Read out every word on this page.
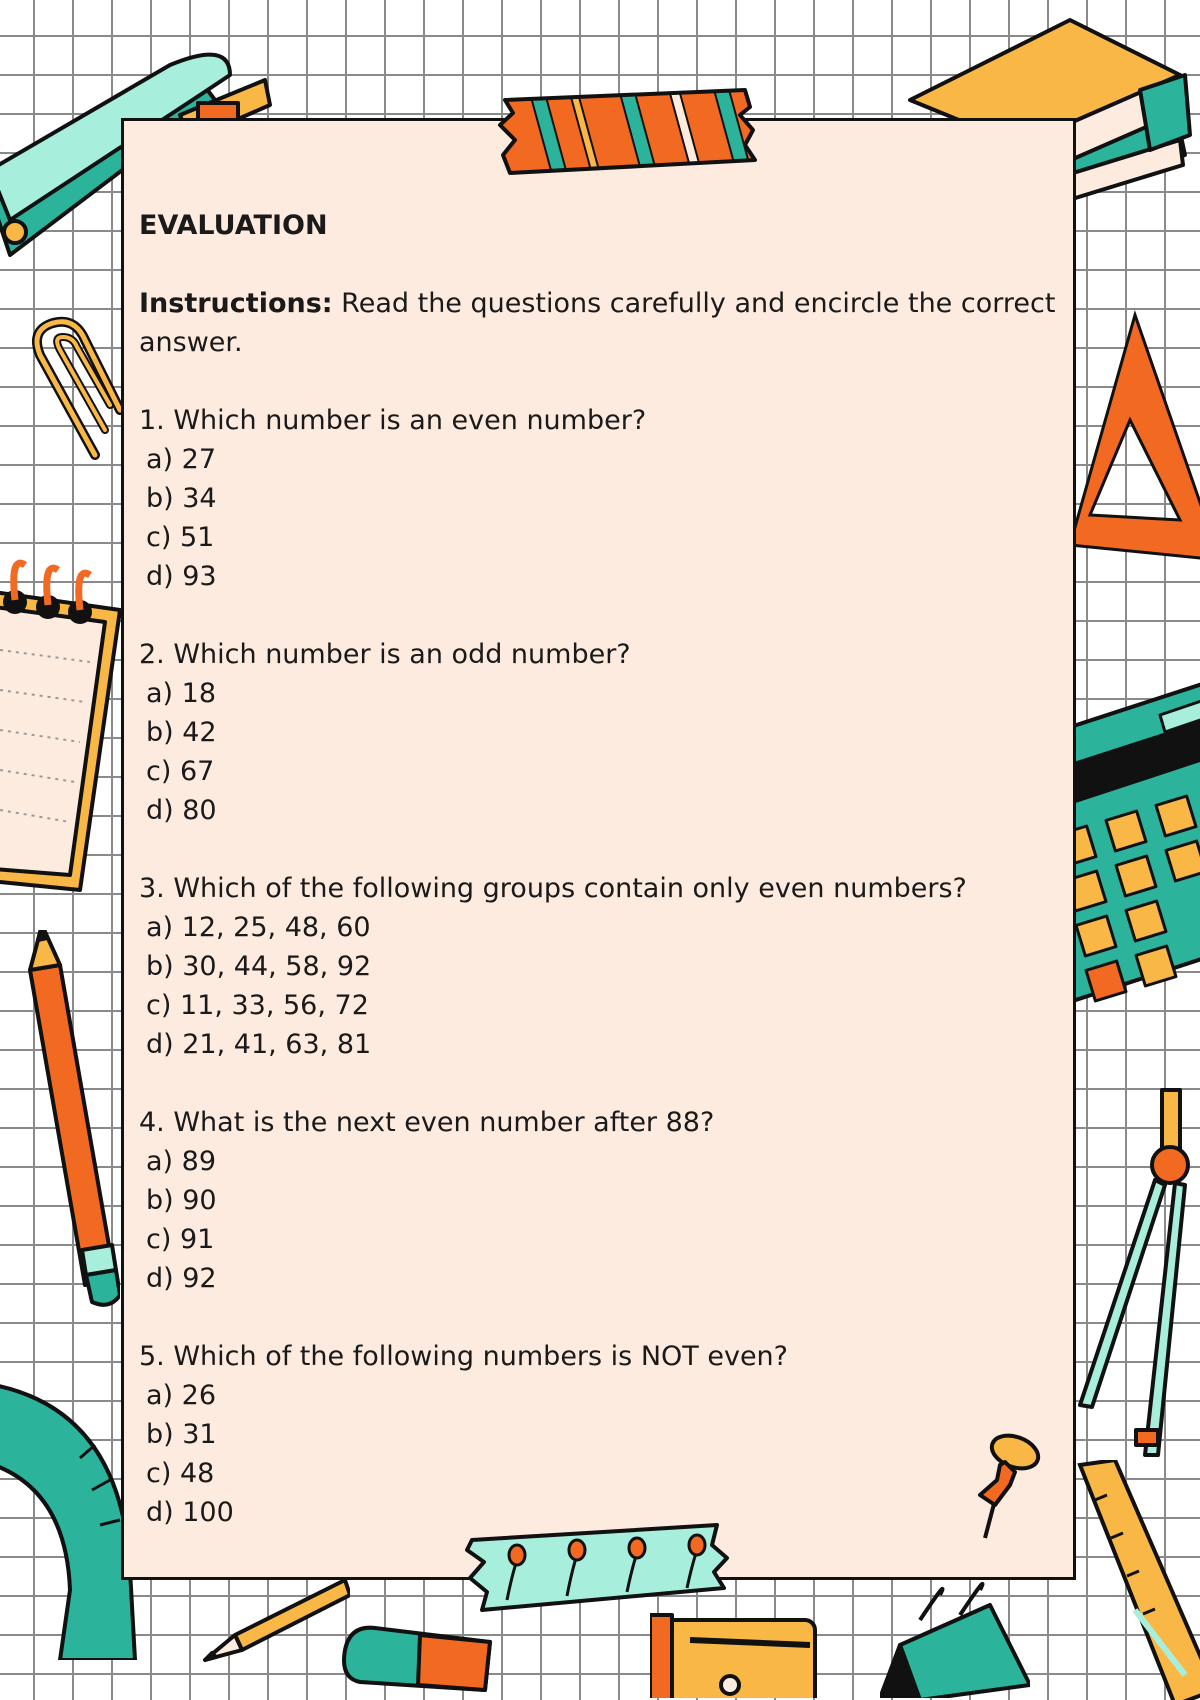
EVALUATION

Instructions: Read the questions carefully and encircle the correct answer.

1. Which number is an even number?

a) 27

b) 34

c) 51

d) 93

2. Which number is an odd number?

a) 18

b) 42

c) 67

d) 80

3. Which of the following groups contain only even numbers?

a) 12, 25, 48, 60

b) 30, 44, 58, 92

c) 11, 33, 56, 72

d) 21, 41, 63, 81

4. What is the next even number after 88?

a) 89

b) 90

c) 91

d) 92

5. Which of the following numbers is NOT even?

a) 26

b) 31

c) 48

d) 100
